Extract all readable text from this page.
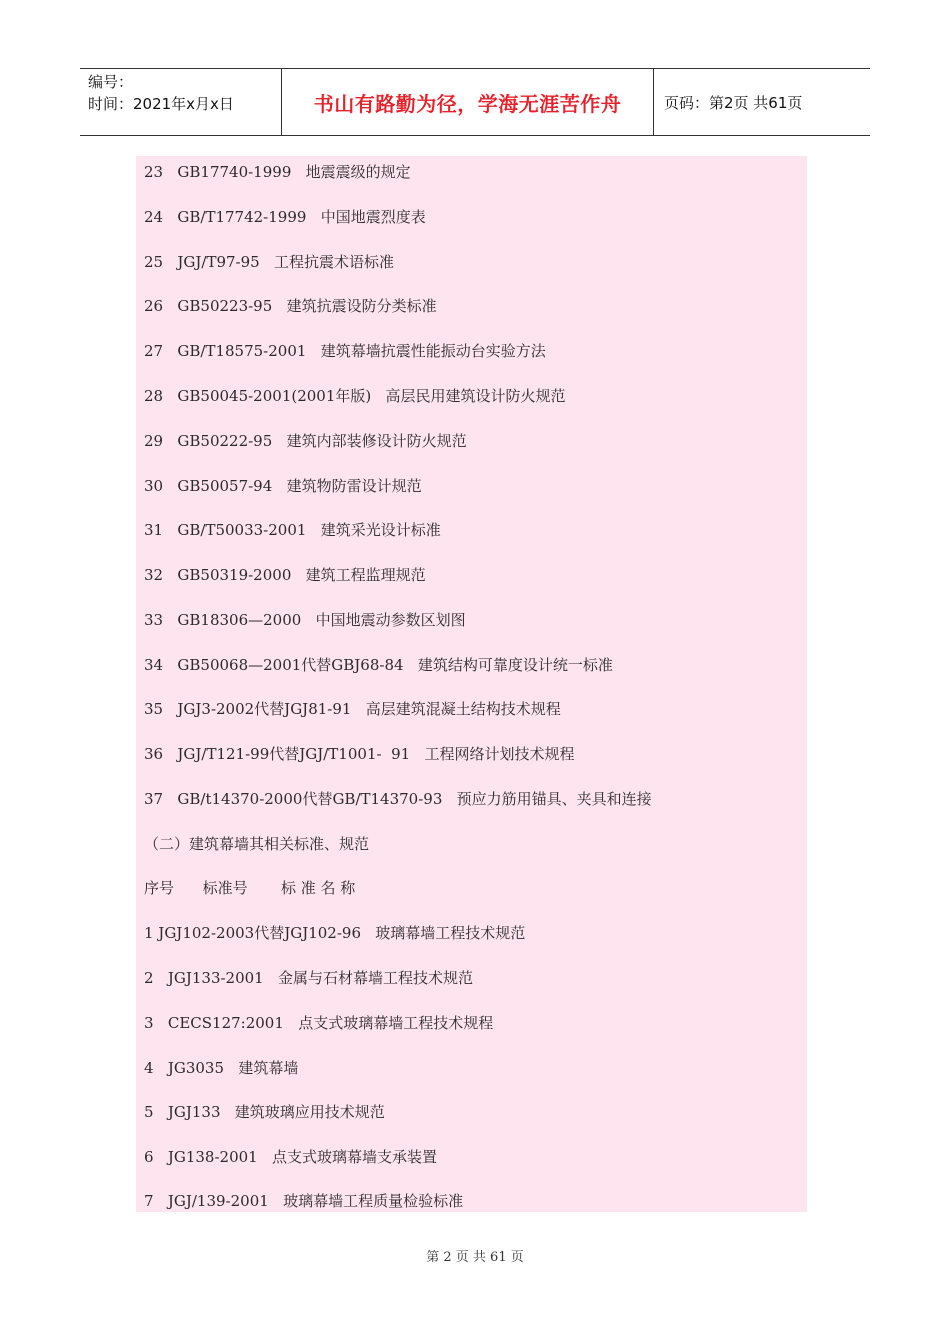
编号：
时间：2021年x月x日	书山有路勤为径，学海无涯苦作舟	页码：第2页 共61页
23   GB17740-1999   地震震级的规定
24   GB/T17742-1999   中国地震烈度表
25   JGJ/T97-95   工程抗震术语标准
26   GB50223-95   建筑抗震设防分类标准
27   GB/T18575-2001   建筑幕墙抗震性能振动台实验方法
28   GB50045-2001(2001年版)   高层民用建筑设计防火规范
29   GB50222-95   建筑内部装修设计防火规范
30   GB50057-94   建筑物防雷设计规范
31   GB/T50033-2001   建筑采光设计标准
32   GB50319-2000   建筑工程监理规范
33   GB18306—2000   中国地震动参数区划图
34   GB50068—2001代替GBJ68-84   建筑结构可靠度设计统一标准
35   JGJ3-2002代替JGJ81-91   高层建筑混凝土结构技术规程
36   JGJ/T121-99代替JGJ/T1001-  91   工程网络计划技术规程
37   GB/t14370-2000代替GB/T14370-93   预应力筋用锚具、夹具和连接
（二）建筑幕墙其相关标准、规范
序号      标准号       标 准 名 称
1 JGJ102-2003代替JGJ102-96   玻璃幕墙工程技术规范
2   JGJ133-2001   金属与石材幕墙工程技术规范
3   CECS127:2001   点支式玻璃幕墙工程技术规程
4   JG3035   建筑幕墙
5   JGJ133   建筑玻璃应用技术规范
6   JG138-2001   点支式玻璃幕墙支承装置
7   JGJ/139-2001   玻璃幕墙工程质量检验标准
第 2 页 共 61 页
